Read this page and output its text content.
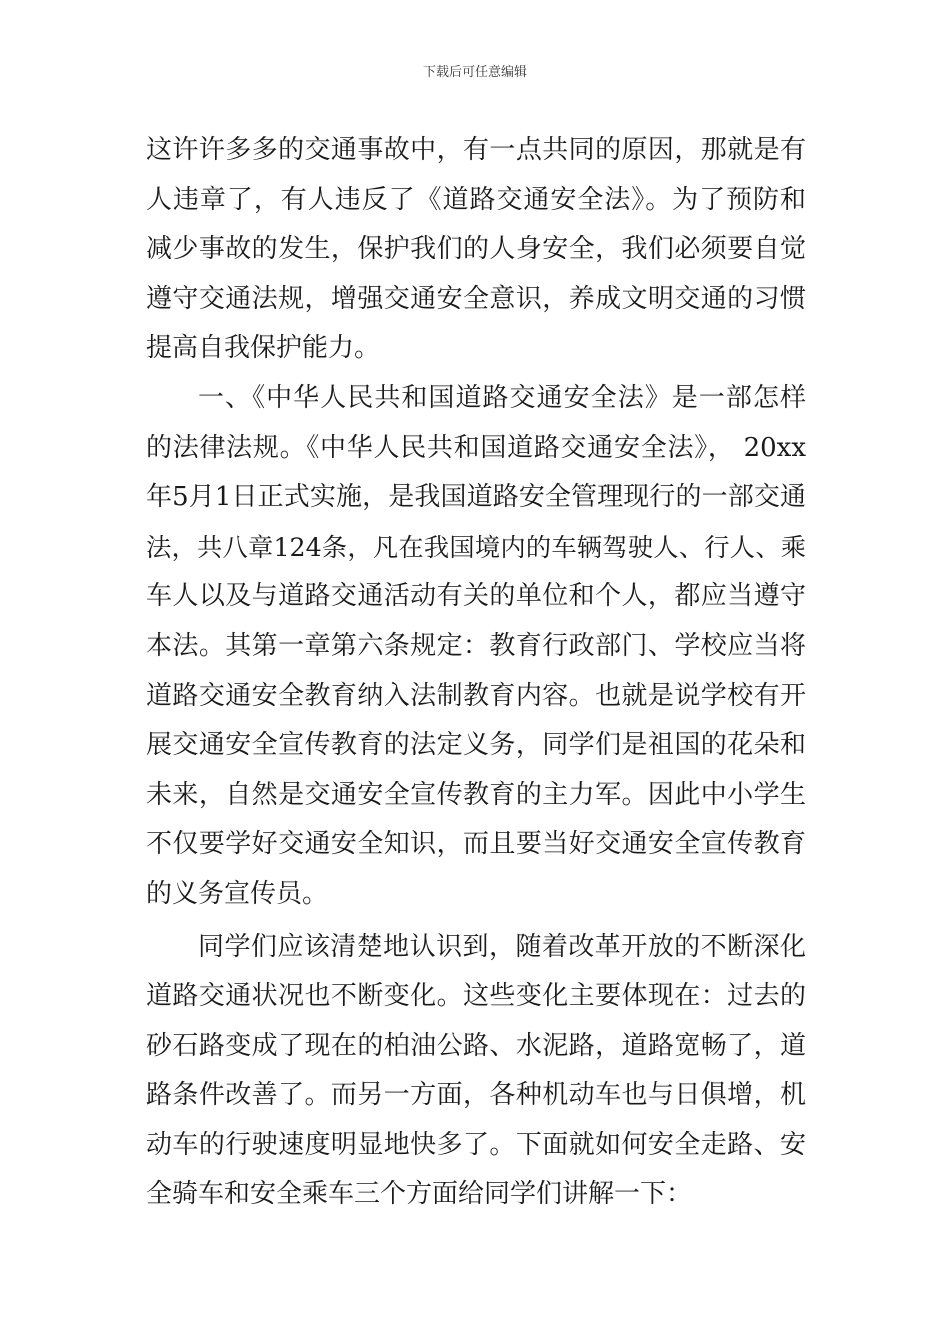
下载后可任意编辑
这许许多多的交通事故中，有一点共同的原因，那就是有
人违章了，有人违反了《道路交通安全法》。为了预防和
减少事故的发生，保护我们的人身安全，我们必须要自觉
遵守交通法规，增强交通安全意识，养成文明交通的习惯
提高自我保护能力。
一、《中华人民共和国道路交通安全法》是一部怎样
的法律法规。《中华人民共和国道路交通安全法》， 20xx
年5月1日正式实施，是我国道路安全管理现行的一部交通
法，共八章124条，凡在我国境内的车辆驾驶人、行人、乘
车人以及与道路交通活动有关的单位和个人，都应当遵守
本法。其第一章第六条规定：教育行政部门、学校应当将
道路交通安全教育纳入法制教育内容。也就是说学校有开
展交通安全宣传教育的法定义务，同学们是祖国的花朵和
未来，自然是交通安全宣传教育的主力军。因此中小学生
不仅要学好交通安全知识，而且要当好交通安全宣传教育
的义务宣传员。
同学们应该清楚地认识到，随着改革开放的不断深化
道路交通状况也不断变化。这些变化主要体现在：过去的
砂石路变成了现在的柏油公路、水泥路，道路宽畅了，道
路条件改善了。而另一方面，各种机动车也与日俱增，机
动车的行驶速度明显地快多了。下面就如何安全走路、安
全骑车和安全乘车三个方面给同学们讲解一下：
